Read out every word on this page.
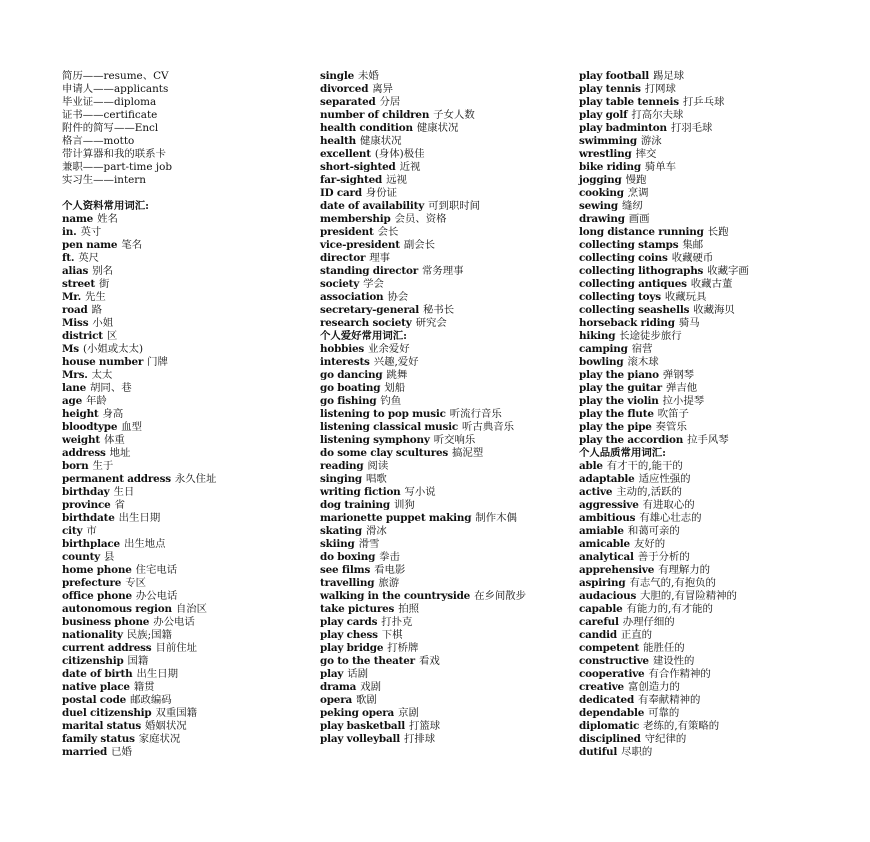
简历——resume、CV
申请人——applicants
毕业证——diploma
证书——certificate
附件的简写——Encl
格言——motto
带计算器和我的联系卡
兼职——part-time job
实习生——intern
个人资料常用词汇:
name 姓名
in. 英寸
pen name 笔名
ft. 英尺
alias 别名
street 街
Mr. 先生
road 路
Miss 小姐
district 区
Ms (小姐或太太)
house number 门牌
Mrs. 太太
lane 胡同、巷
age 年龄
height 身高
bloodtype 血型
weight 体重
address 地址
born 生于
permanent address 永久住址
birthday 生日
province 省
birthdate 出生日期
city 市
birthplace 出生地点
county 县
home phone 住宅电话
prefecture 专区
office phone 办公电话
autonomous region 自治区
business phone 办公电话
nationality 民族;国籍
current address 目前住址
citizenship 国籍
date of birth 出生日期
native place 籍贯
postal code 邮政编码
duel citizenship 双重国籍
marital status 婚姻状况
family status 家庭状况
married 已婚
single 未婚
divorced 离异
separated 分居
number of children 子女人数
health condition 健康状况
health 健康状况
excellent (身体)极佳
short-sighted 近视
far-sighted 远视
ID card 身份证
date of availability 可到职时间
membership 会员、资格
president 会长
vice-president 副会长
director 理事
standing director 常务理事
society 学会
association 协会
secretary-general 秘书长
research society 研究会
个人爱好常用词汇:
hobbies 业余爱好
interests 兴趣,爱好
go dancing 跳舞
go boating 划船
go fishing 钓鱼
listening to pop music 听流行音乐
listening classical music 听古典音乐
listening symphony 听交响乐
do some clay scultures 搞泥塑
reading 阅读
singing 唱歌
writing fiction 写小说
dog training 训狗
marionette puppet making 制作木偶
skating 滑冰
skiing 滑雪
do boxing 拳击
see films 看电影
travelling 旅游
walking in the countryside 在乡间散步
take pictures 拍照
play cards 打扑克
play chess 下棋
play bridge 打桥牌
go to the theater 看戏
play 话剧
drama 戏剧
opera 歌剧
peking opera 京剧
play basketball 打篮球
play volleyball 打排球
play football 踢足球
play tennis 打网球
play table tenneis 打乒乓球
play golf 打高尔夫球
play badminton 打羽毛球
swimming 游泳
wrestling 摔交
bike riding 骑单车
jogging 慢跑
cooking 烹调
sewing 缝纫
drawing 画画
long distance running 长跑
collecting stamps 集邮
collecting coins 收藏硬币
collecting lithographs 收藏字画
collecting antiques 收藏古董
collecting toys 收藏玩具
collecting seashells 收藏海贝
horseback riding 骑马
hiking 长途徒步旅行
camping 宿营
bowling 滚木球
play the piano 弹钢琴
play the guitar 弹吉他
play the violin 拉小提琴
play the flute 吹笛子
play the pipe 奏管乐
play the accordion 拉手风琴
个人品质常用词汇:
able 有才干的,能干的
adaptable 适应性强的
active 主动的,活跃的
aggressive 有进取心的
ambitious 有雄心壮志的
amiable 和蔼可亲的
amicable 友好的
analytical 善于分析的
apprehensive 有理解力的
aspiring 有志气的,有抱负的
audacious 大胆的,有冒险精神的
capable 有能力的,有才能的
careful 办理仔细的
candid 正直的
competent 能胜任的
constructive 建设性的
cooperative 有合作精神的
creative 富创造力的
dedicated 有奉献精神的
dependable 可靠的
diplomatic 老练的,有策略的
disciplined 守纪律的
dutiful 尽职的
